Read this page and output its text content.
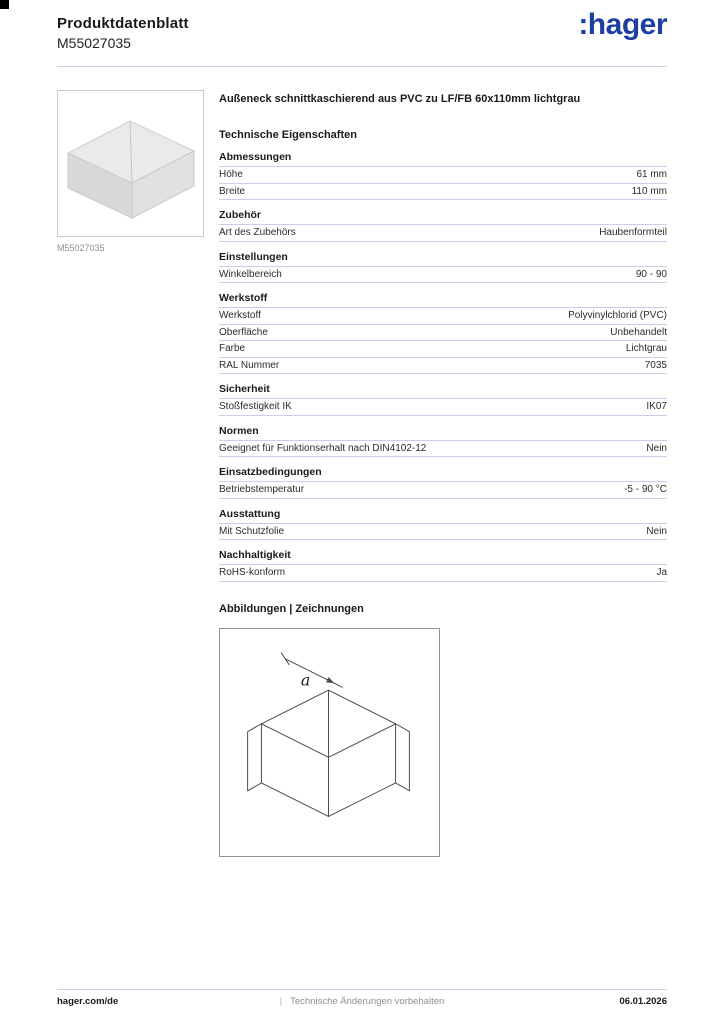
Produktdatenblatt
M55027035
:hager
M55027035
Außeneck schnittkaschierend aus PVC zu LF/FB 60x110mm lichtgrau
Technische Eigenschaften
Abmessungen
Höhe	61 mm
Breite	110 mm
Zubehör
Art des Zubehörs	Haubenformteil
Einstellungen
Winkelbereich	90 - 90
Werkstoff
Werkstoff	Polyvinylchlorid (PVC)
Oberfläche	Unbehandelt
Farbe	Lichtgrau
RAL Nummer	7035
Sicherheit
Stoßfestigkeit IK	IK07
Normen
Geeignet für Funktionserhalt nach DIN4102-12	Nein
Einsatzbedingungen
Betriebstemperatur	-5 - 90 °C
Ausstattung
Mit Schutzfolie	Nein
Nachhaltigkeit
RoHS-konform	Ja
Abbildungen | Zeichnungen
a
hager.com/de	| Technische Änderungen vorbehalten	06.01.2026
